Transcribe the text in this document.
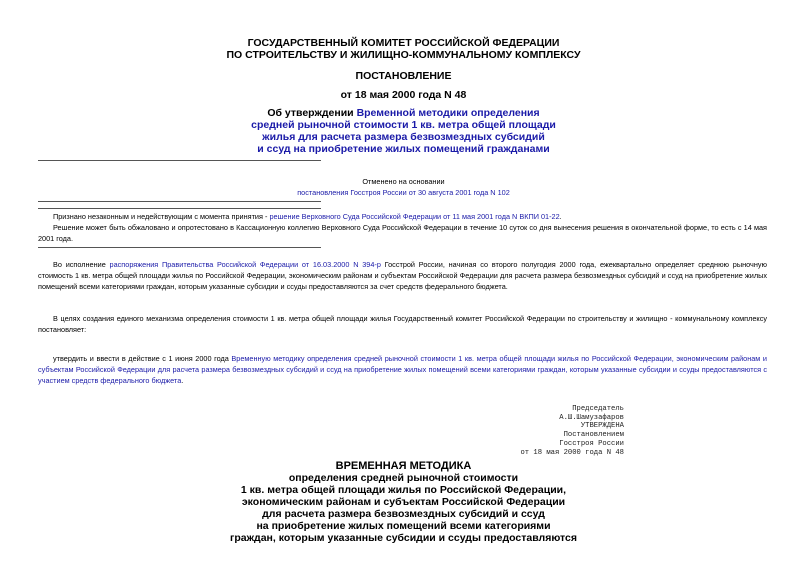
ГОСУДАРСТВЕННЫЙ КОМИТЕТ РОССИЙСКОЙ ФЕДЕРАЦИИ
ПО СТРОИТЕЛЬСТВУ И ЖИЛИЩНО-КОММУНАЛЬНОМУ КОМПЛЕКСУ
ПОСТАНОВЛЕНИЕ
от 18 мая 2000 года N 48
Об утверждении Временной методики определения
средней рыночной стоимости 1 кв. метра общей площади
жилья для расчета размера безвозмездных субсидий
и ссуд на приобретение жилых помещений гражданами
Отменено на основании
постановления Госстроя России от 30 августа 2001 года N 102
Признано незаконным и недействующим с момента принятия - решение Верховного Суда Российской Федерации от 11 мая 2001 года N ВКПИ 01-22.
Решение может быть обжаловано и опротестовано в Кассационную коллегию Верховного Суда Российской Федерации в течение 10 суток со дня вынесения решения в окончательной форме, то есть с 14 мая 2001 года.
Во исполнение распоряжения Правительства Российской Федерации от 16.03.2000 N 394-р Госстрой России, начиная со второго полугодия 2000 года, ежеквартально определяет среднюю рыночную стоимость 1 кв. метра общей площади жилья по Российской Федерации, экономическим районам и субъектам Российской Федерации для расчета размера безвозмездных субсидий и ссуд на приобретение жилых помещений всеми категориями граждан, которым указанные субсидии и ссуды предоставляются за счет средств федерального бюджета.
В целях создания единого механизма определения стоимости 1 кв. метра общей площади жилья Государственный комитет Российской Федерации по строительству и жилищно - коммунальному комплексу постановляет:
утвердить и ввести в действие с 1 июня 2000 года Временную методику определения средней рыночной стоимости 1 кв. метра общей площади жилья по Российской Федерации, экономическим районам и субъектам Российской Федерации для расчета размера безвозмездных субсидий и ссуд на приобретение жилых помещений всеми категориями граждан, которым указанные субсидии и ссуды предоставляются с участием средств федерального бюджета.
Председатель
А.Ш.Шамузафаров
УТВЕРЖДЕНА
Постановлением
Госстроя России
от 18 мая 2000 года N 48
ВРЕМЕННАЯ МЕТОДИКА
определения средней рыночной стоимости
1 кв. метра общей площади жилья по Российской Федерации,
экономическим районам и субъектам Российской Федерации
для расчета размера безвозмездных субсидий и ссуд
на приобретение жилых помещений всеми категориями
граждан, которым указанные субсидии и ссуды предоставляются
